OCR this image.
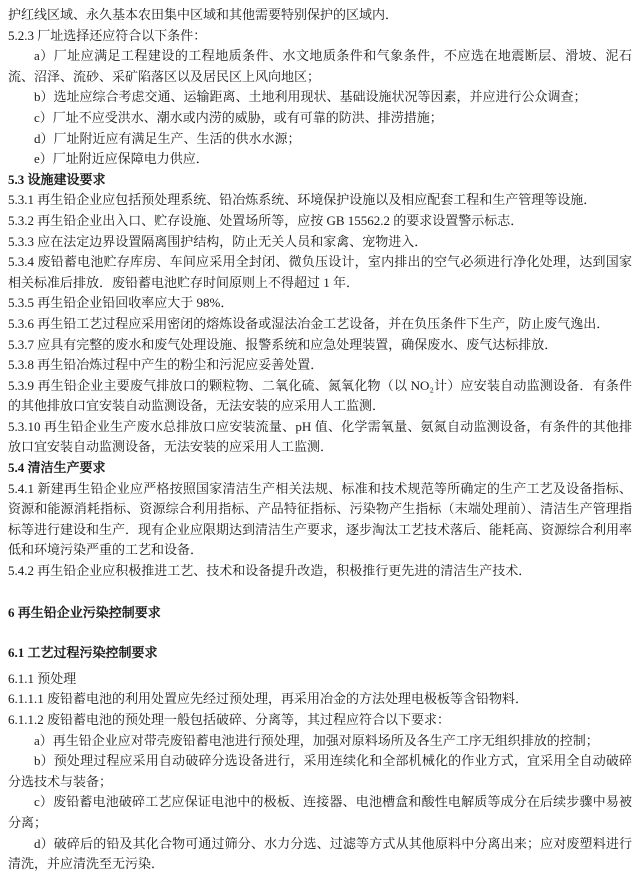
护红线区域、永久基本农田集中区域和其他需要特别保护的区域内．

5.2.3 厂址选择还应符合以下条件：

a）厂址应满足工程建设的工程地质条件、水文地质条件和气象条件，不应选在地震断层、滑坡、泥石流、沼泽、流砂、采矿陷落区以及居民区上风向地区；

b）选址应综合考虑交通、运输距离、土地利用现状、基础设施状况等因素，并应进行公众调查；

c）厂址不应受洪水、潮水或内涝的威胁，或有可靠的防洪、排涝措施；

d）厂址附近应有满足生产、生活的供水水源；

e）厂址附近应保障电力供应．

5.3 设施建设要求

5.3.1 再生铅企业应包括预处理系统、铅冶炼系统、环境保护设施以及相应配套工程和生产管理等设施．

5.3.2 再生铅企业出入口、贮存设施、处置场所等，应按 GB 15562.2 的要求设置警示标志．

5.3.3 应在法定边界设置隔离围护结构，防止无关人员和家禽、宠物进入．

5.3.4 废铅蓄电池贮存库房、车间应采用全封闭、微负压设计，室内排出的空气必须进行净化处理，达到国家相关标准后排放．废铅蓄电池贮存时间原则上不得超过 1 年．

5.3.5 再生铅企业铅回收率应大于 98%．

5.3.6 再生铅工艺过程应采用密闭的熔炼设备或湿法冶金工艺设备，并在负压条件下生产，防止废气逸出．

5.3.7 应具有完整的废水和废气处理设施、报警系统和应急处理装置，确保废水、废气达标排放．

5.3.8 再生铅冶炼过程中产生的粉尘和污泥应妥善处置．

5.3.9 再生铅企业主要废气排放口的颗粒物、二氧化硫、氮氧化物（以 NO₂计）应安装自动监测设备．有条件的其他排放口宜安装自动监测设备，无法安装的应采用人工监测．

5.3.10 再生铅企业生产废水总排放口应安装流量、pH 值、化学需氧量、氨氮自动监测设备，有条件的其他排放口宜安装自动监测设备，无法安装的应采用人工监测．

5.4 清洁生产要求

5.4.1 新建再生铅企业应严格按照国家清洁生产相关法规、标准和技术规范等所确定的生产工艺及设备指标、资源和能源消耗指标、资源综合利用指标、产品特征指标、污染物产生指标（末端处理前）、清洁生产管理指标等进行建设和生产．现有企业应限期达到清洁生产要求，逐步淘汰工艺技术落后、能耗高、资源综合利用率低和环境污染严重的工艺和设备．

5.4.2 再生铅企业应积极推进工艺、技术和设备提升改造，积极推行更先进的清洁生产技术．

6 再生铅企业污染控制要求

6.1 工艺过程污染控制要求

6.1.1 预处理

6.1.1.1 废铅蓄电池的利用处置应先经过预处理，再采用冶金的方法处理电极板等含铅物料．

6.1.1.2 废铅蓄电池的预处理一般包括破碎、分离等，其过程应符合以下要求：

a）再生铅企业应对带壳废铅蓄电池进行预处理，加强对原料场所及各生产工序无组织排放的控制；

b）预处理过程应采用自动破碎分选设备进行，采用连续化和全部机械化的作业方式，宜采用全自动破碎分选技术与装备；

c）废铅蓄电池破碎工艺应保证电池中的极板、连接器、电池槽盒和酸性电解质等成分在后续步骤中易被分离；

d）破碎后的铅及其化合物可通过筛分、水力分选、过滤等方式从其他原料中分离出来；应对废塑料进行清洗，并应清洗至无污染．
